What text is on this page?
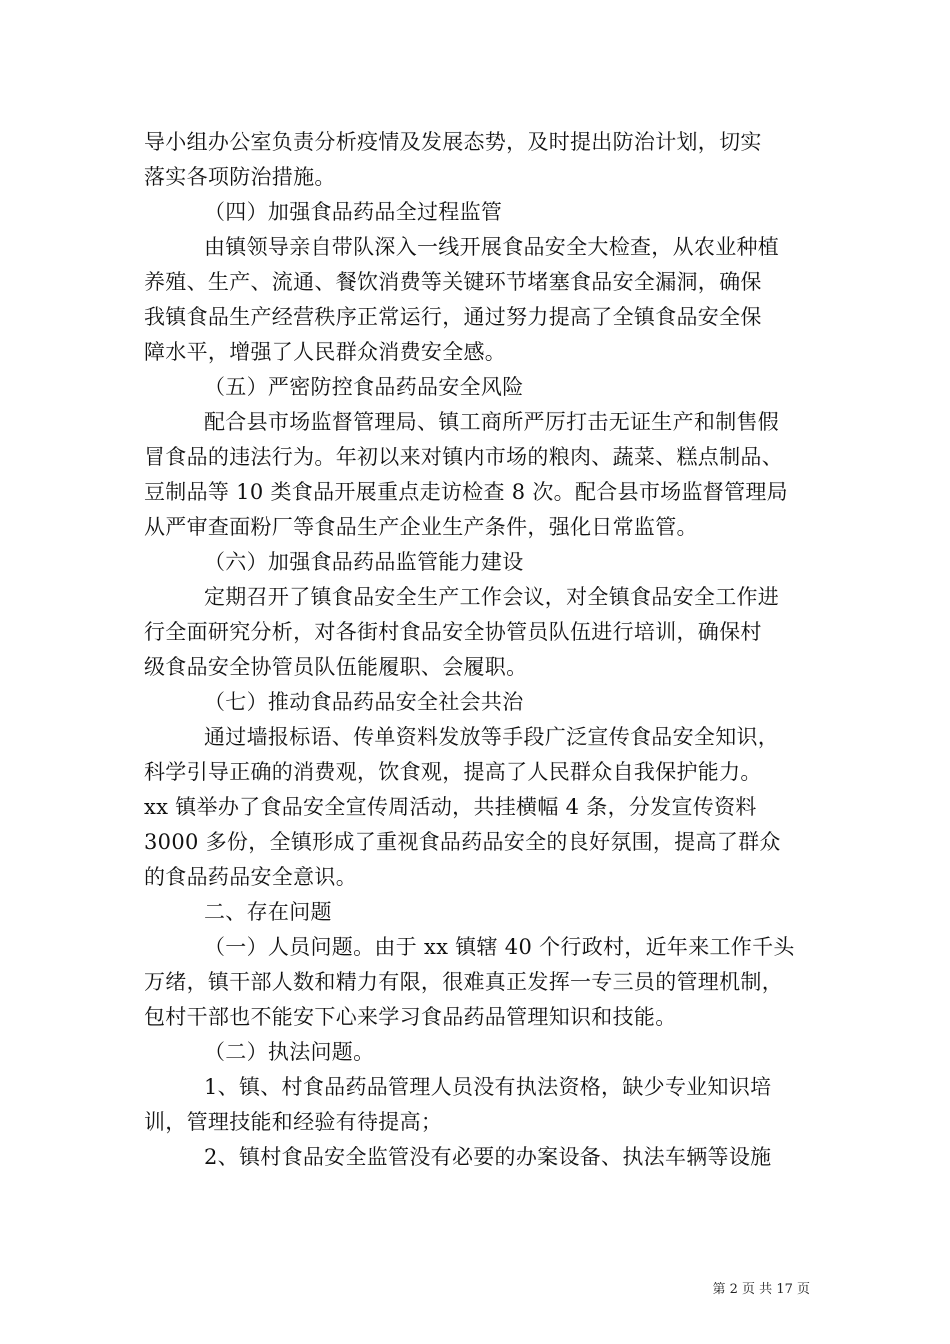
导小组办公室负责分析疫情及发展态势，及时提出防治计划，切实
落实各项防治措施。
（四）加强食品药品全过程监管
由镇领导亲自带队深入一线开展食品安全大检查，从农业种植
养殖、生产、流通、餐饮消费等关键环节堵塞食品安全漏洞，确保
我镇食品生产经营秩序正常运行，通过努力提高了全镇食品安全保
障水平，增强了人民群众消费安全感。
（五）严密防控食品药品安全风险
配合县市场监督管理局、镇工商所严厉打击无证生产和制售假
冒食品的违法行为。年初以来对镇内市场的粮肉、蔬菜、糕点制品、
豆制品等 10 类食品开展重点走访检查 8 次。配合县市场监督管理局
从严审查面粉厂等食品生产企业生产条件，强化日常监管。
（六）加强食品药品监管能力建设
定期召开了镇食品安全生产工作会议，对全镇食品安全工作进
行全面研究分析，对各街村食品安全协管员队伍进行培训，确保村
级食品安全协管员队伍能履职、会履职。
（七）推动食品药品安全社会共治
通过墙报标语、传单资料发放等手段广泛宣传食品安全知识，
科学引导正确的消费观，饮食观，提高了人民群众自我保护能力。
xx 镇举办了食品安全宣传周活动，共挂横幅 4 条，分发宣传资料
3000 多份，全镇形成了重视食品药品安全的良好氛围，提高了群众
的食品药品安全意识。
二、存在问题
（一）人员问题。由于 xx 镇辖 40 个行政村，近年来工作千头
万绪，镇干部人数和精力有限，很难真正发挥一专三员的管理机制，
包村干部也不能安下心来学习食品药品管理知识和技能。
（二）执法问题。
1、镇、村食品药品管理人员没有执法资格，缺少专业知识培
训，管理技能和经验有待提高；
2、镇村食品安全监管没有必要的办案设备、执法车辆等设施
第 2 页 共 17 页
